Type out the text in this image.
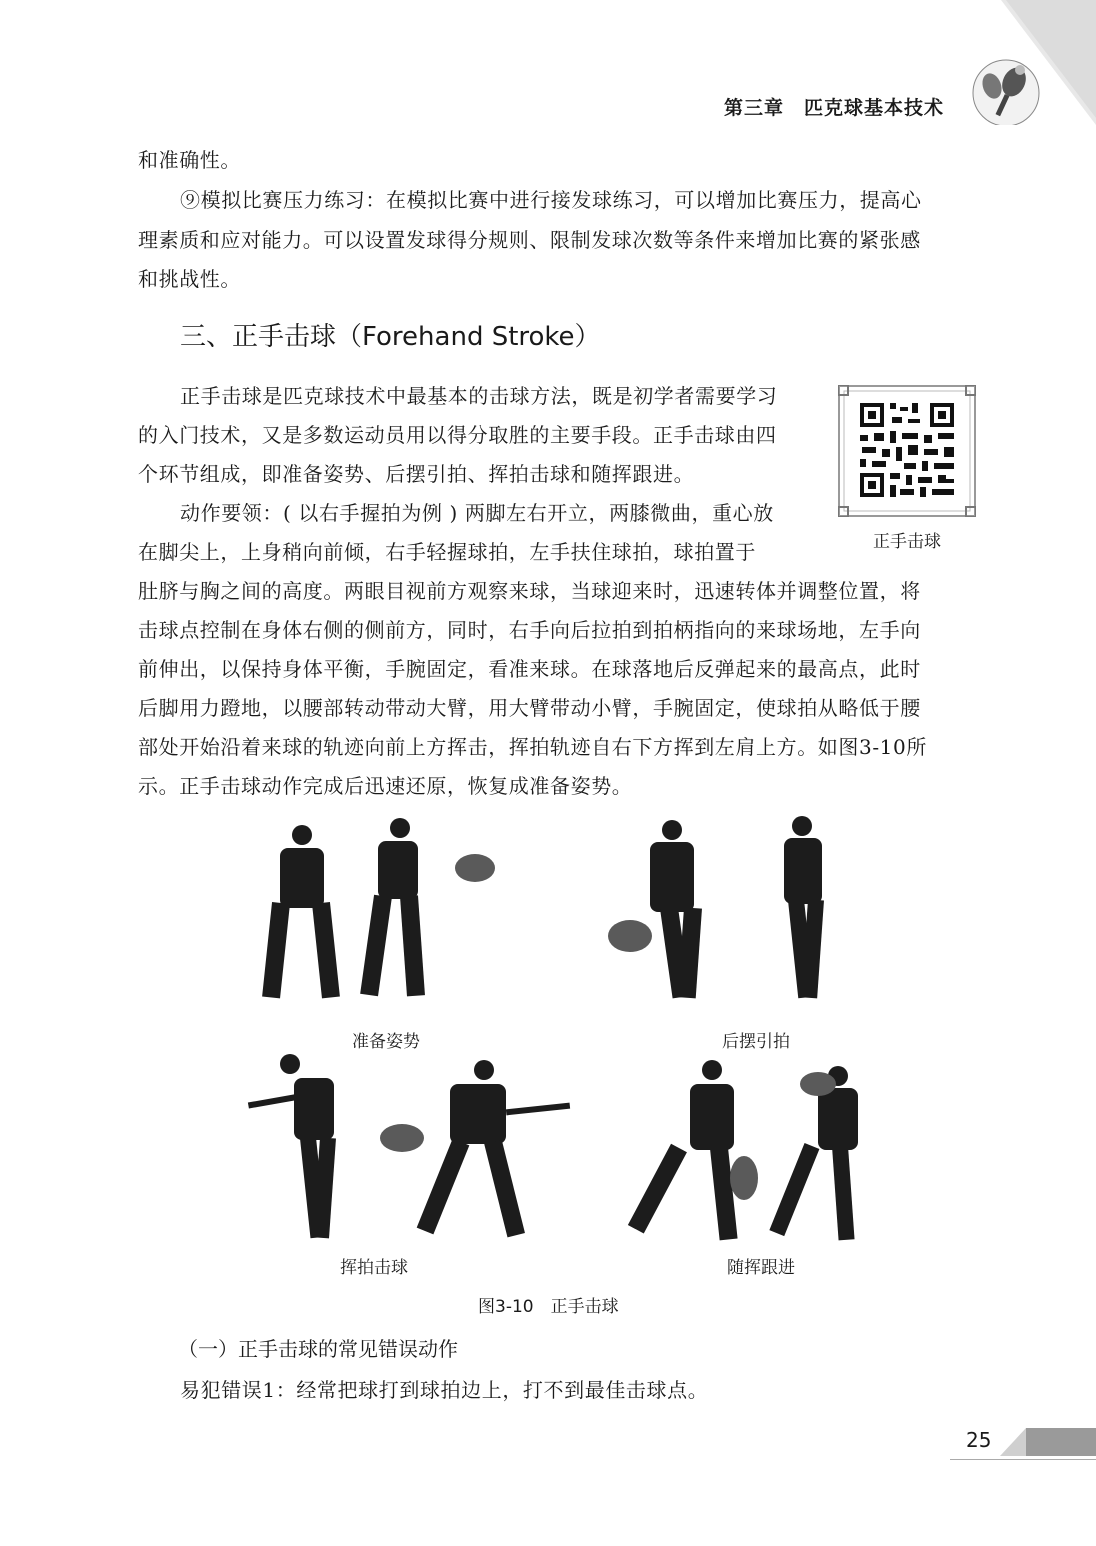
第三章　匹克球基本技术
和准确性。
⑨模拟比赛压力练习：在模拟比赛中进行接发球练习，可以增加比赛压力，提高心
理素质和应对能力。可以设置发球得分规则、限制发球次数等条件来增加比赛的紧张感
和挑战性。
三、正手击球（Forehand Stroke）
正手击球是匹克球技术中最基本的击球方法，既是初学者需要学习
的入门技术，又是多数运动员用以得分取胜的主要手段。正手击球由四
个环节组成，即准备姿势、后摆引拍、挥拍击球和随挥跟进。
动作要领：( 以右手握拍为例 ) 两脚左右开立，两膝微曲，重心放
在脚尖上，上身稍向前倾，右手轻握球拍，左手扶住球拍，球拍置于
肚脐与胸之间的高度。两眼目视前方观察来球，当球迎来时，迅速转体并调整位置，将
击球点控制在身体右侧的侧前方，同时，右手向后拉拍到拍柄指向的来球场地，左手向
前伸出，以保持身体平衡，手腕固定，看准来球。在球落地后反弹起来的最高点，此时
后脚用力蹬地，以腰部转动带动大臂，用大臂带动小臂，手腕固定，使球拍从略低于腰
部处开始沿着来球的轨迹向前上方挥击，挥拍轨迹自右下方挥到左肩上方。如图3-10所
示。正手击球动作完成后迅速还原，恢复成准备姿势。
正手击球
准备姿势	后摆引拍
挥拍击球	随挥跟进
图3-10　正手击球
（一）正手击球的常见错误动作
易犯错误1：经常把球打到球拍边上，打不到最佳击球点。
25
